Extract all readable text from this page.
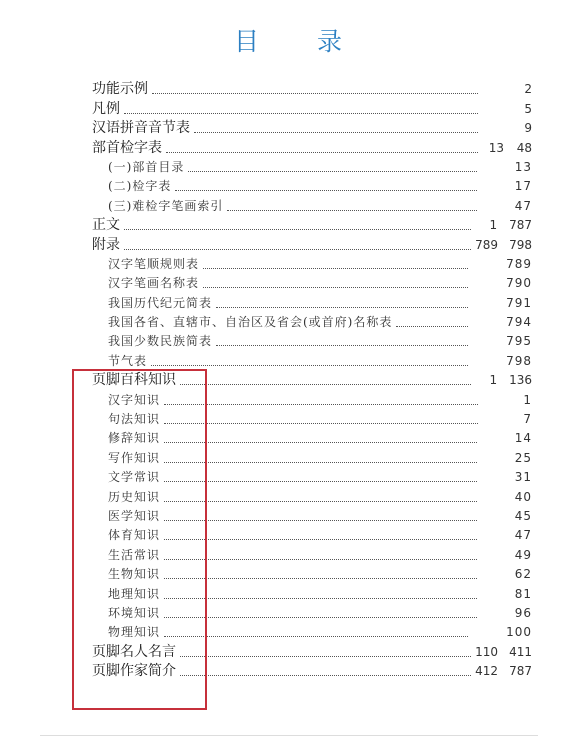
目 录
功能示例	2
凡例	5
汉语拼音音节表	9
部首检字表	13 48
(一)部首目录	13
(二)检字表	17
(三)难检字笔画索引	47
正文	1 787
附录	789 798
汉字笔顺规则表	789
汉字笔画名称表	790
我国历代纪元简表	791
我国各省、直辖市、自治区及省会(或首府)名称表	794
我国少数民族简表	795
节气表	798
页脚百科知识	1 136
汉字知识	1
句法知识	7
修辞知识	14
写作知识	25
文学常识	31
历史知识	40
医学知识	45
体育知识	47
生活常识	49
生物知识	62
地理知识	81
环境知识	96
物理知识	100
页脚名人名言	110 411
页脚作家简介	412 787
